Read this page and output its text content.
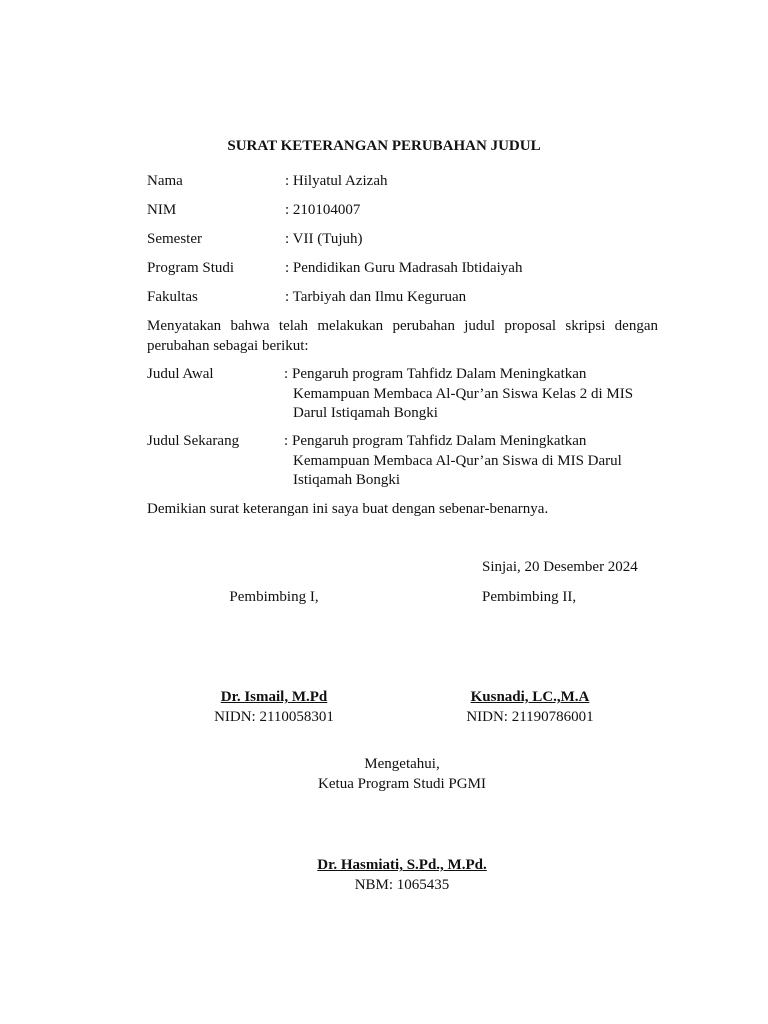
SURAT KETERANGAN PERUBAHAN JUDUL
Nama	: Hilyatul Azizah
NIM	: 210104007
Semester	: VII (Tujuh)
Program Studi	: Pendidikan Guru Madrasah Ibtidaiyah
Fakultas	: Tarbiyah dan Ilmu Keguruan
Menyatakan bahwa telah melakukan perubahan judul proposal skripsi dengan perubahan sebagai berikut:
Judul Awal	: Pengaruh program Tahfidz Dalam Meningkatkan
Kemampuan Membaca Al-Qur’an Siswa Kelas 2 di MIS
Darul Istiqamah Bongki
Judul Sekarang	: Pengaruh program Tahfidz Dalam Meningkatkan
Kemampuan Membaca Al-Qur’an Siswa di MIS Darul
Istiqamah Bongki
Demikian surat keterangan ini saya buat dengan sebenar-benarnya.
Sinjai, 20 Desember 2024
Pembimbing I,	Pembimbing II,
Dr. Ismail, M.Pd
NIDN: 2110058301
Kusnadi, LC.,M.A
NIDN: 21190786001
Mengetahui,
Ketua Program Studi PGMI
Dr. Hasmiati, S.Pd., M.Pd.
NBM: 1065435
